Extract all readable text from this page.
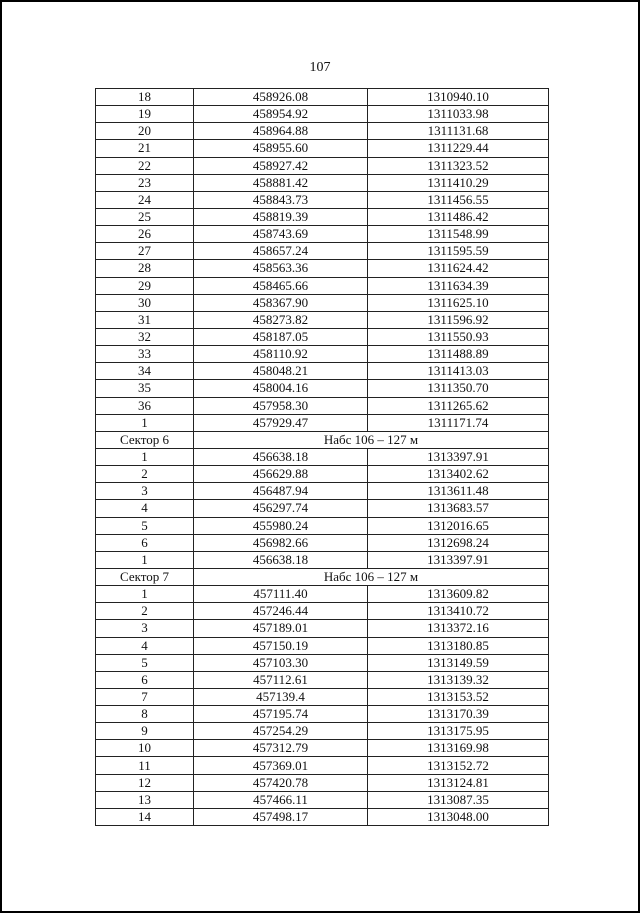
107
18	458926.08	1310940.10
19	458954.92	1311033.98
20	458964.88	1311131.68
21	458955.60	1311229.44
22	458927.42	1311323.52
23	458881.42	1311410.29
24	458843.73	1311456.55
25	458819.39	1311486.42
26	458743.69	1311548.99
27	458657.24	1311595.59
28	458563.36	1311624.42
29	458465.66	1311634.39
30	458367.90	1311625.10
31	458273.82	1311596.92
32	458187.05	1311550.93
33	458110.92	1311488.89
34	458048.21	1311413.03
35	458004.16	1311350.70
36	457958.30	1311265.62
1	457929.47	1311171.74
Сектор 6	Набс 106 – 127 м	
1	456638.18	1313397.91
2	456629.88	1313402.62
3	456487.94	1313611.48
4	456297.74	1313683.57
5	455980.24	1312016.65
6	456982.66	1312698.24
1	456638.18	1313397.91
Сектор 7	Набс 106 – 127 м	
1	457111.40	1313609.82
2	457246.44	1313410.72
3	457189.01	1313372.16
4	457150.19	1313180.85
5	457103.30	1313149.59
6	457112.61	1313139.32
7	457139.4	1313153.52
8	457195.74	1313170.39
9	457254.29	1313175.95
10	457312.79	1313169.98
11	457369.01	1313152.72
12	457420.78	1313124.81
13	457466.11	1313087.35
14	457498.17	1313048.00
